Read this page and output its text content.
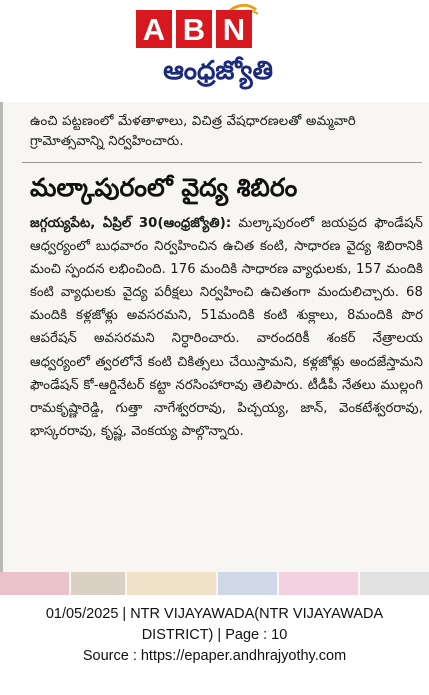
A B N
ఆంధ్రజ్యోతి
ఉంచి పట్టణంలో మేళతాళాలు, విచిత్ర వేషధారణలతో అమ్మవారి గ్రామోత్సవాన్ని నిర్వహించారు.
మల్కాపురంలో వైద్య శిబిరం
జగ్గయ్యపేట, ఏప్రిల్ 30(ఆంధ్రజ్యోతి): మల్కాపురంలో జయప్రద ఫౌండేషన్ ఆధ్వర్యంలో బుధవారం నిర్వహించిన ఉచిత కంటి, సాధారణ వైద్య శిబిరానికి మంచి స్పందన లభించింది. 176 మందికి సాధారణ వ్యాధులకు, 157 మందికి కంటి వ్యాధులకు వైద్య పరీక్షలు నిర్వహించి ఉచితంగా మందులిచ్చారు. 68 మందికి కళ్లజోళ్లు అవసరమని, 51మందికి కంటి శుక్లాలు, 8మందికి పొర ఆపరేషన్ అవసరమని నిర్ధారించారు. వారందరికీ శంకర్ నేత్రాలయ ఆధ్వర్యంలో త్వరలోనే కంటి చికిత్సలు చేయిస్తామని, కళ్లజోళ్లు అందజేస్తామని ఫౌండేషన్ కో-ఆర్డినేటర్ కట్టా నరసింహారావు తెలిపారు. టీడీపీ నేతలు ముల్లంగి రామకృష్ణారెడ్డి, గుత్తా నాగేశ్వరరావు, పిచ్చయ్య, జాన్, వెంకటేశ్వరరావు, భాస్కరరావు, కృష్ణ, వెంకయ్య పాల్గొన్నారు.
01/05/2025 | NTR VIJAYAWADA(NTR VIJAYAWADA
DISTRICT) | Page : 10
Source : https://epaper.andhrajyothy.com
